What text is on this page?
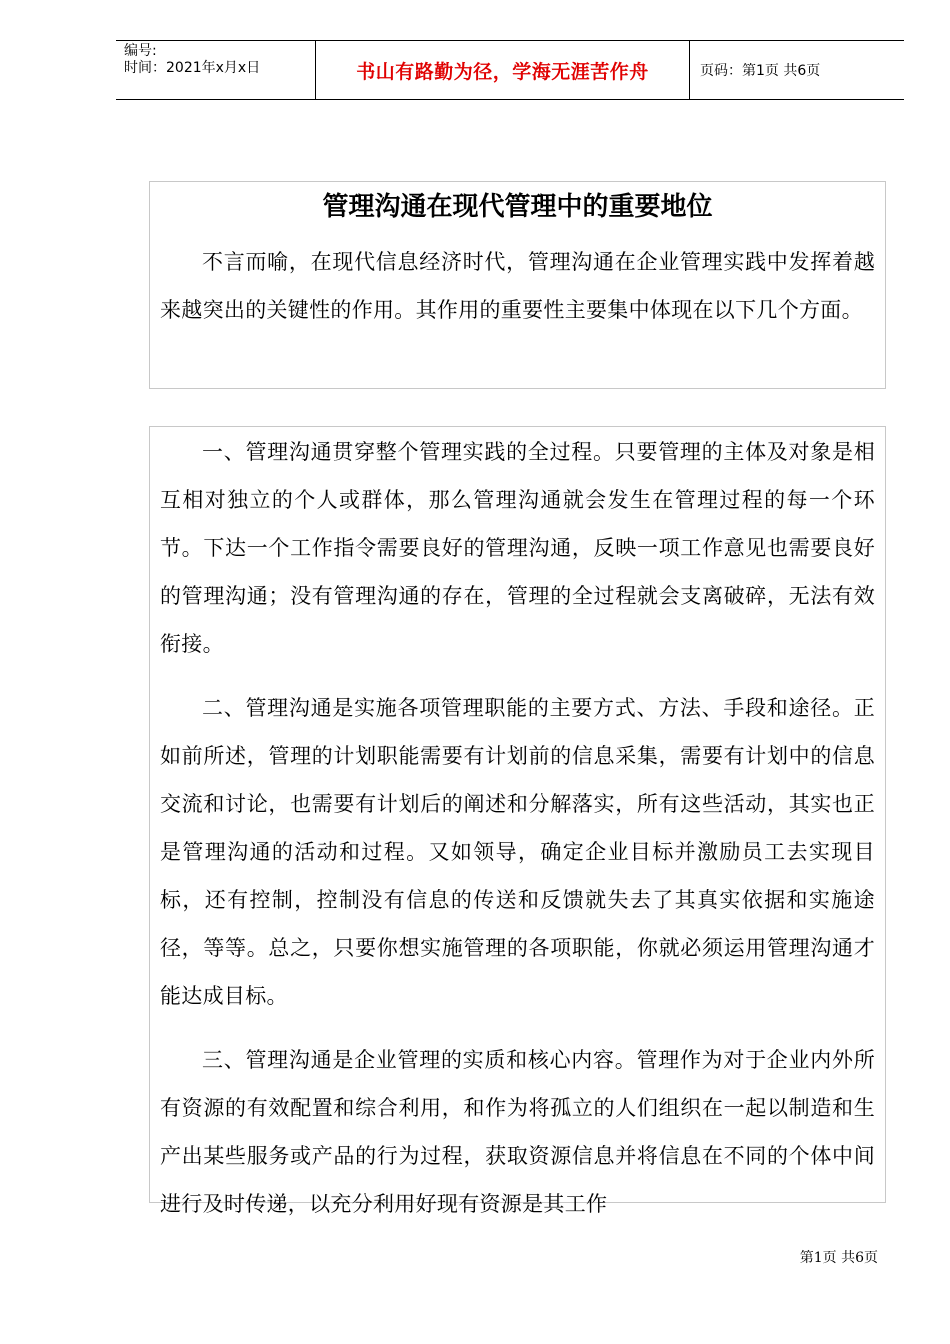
编号:
时间：2021年x月x日	书山有路勤为径，学海无涯苦作舟	页码：第1页 共6页
管理沟通在现代管理中的重要地位

不言而喻，在现代信息经济时代，管理沟通在企业管理实践中发挥着越来越突出的关键性的作用。其作用的重要性主要集中体现在以下几个方面。

一、管理沟通贯穿整个管理实践的全过程。只要管理的主体及对象是相互相对独立的个人或群体，那么管理沟通就会发生在管理过程的每一个环节。下达一个工作指令需要良好的管理沟通，反映一项工作意见也需要良好的管理沟通；没有管理沟通的存在，管理的全过程就会支离破碎，无法有效衔接。

二、管理沟通是实施各项管理职能的主要方式、方法、手段和途径。正如前所述，管理的计划职能需要有计划前的信息采集，需要有计划中的信息交流和讨论，也需要有计划后的阐述和分解落实，所有这些活动，其实也正是管理沟通的活动和过程。又如领导，确定企业目标并激励员工去实现目标，还有控制，控制没有信息的传送和反馈就失去了其真实依据和实施途径，等等。总之，只要你想实施管理的各项职能，你就必须运用管理沟通才能达成目标。

三、管理沟通是企业管理的实质和核心内容。管理作为对于企业内外所有资源的有效配置和综合利用，和作为将孤立的人们组织在一起以制造和生产出某些服务或产品的行为过程，获取资源信息并将信息在不同的个体中间进行及时传递，以充分利用好现有资源是其工作

第1页 共6页
